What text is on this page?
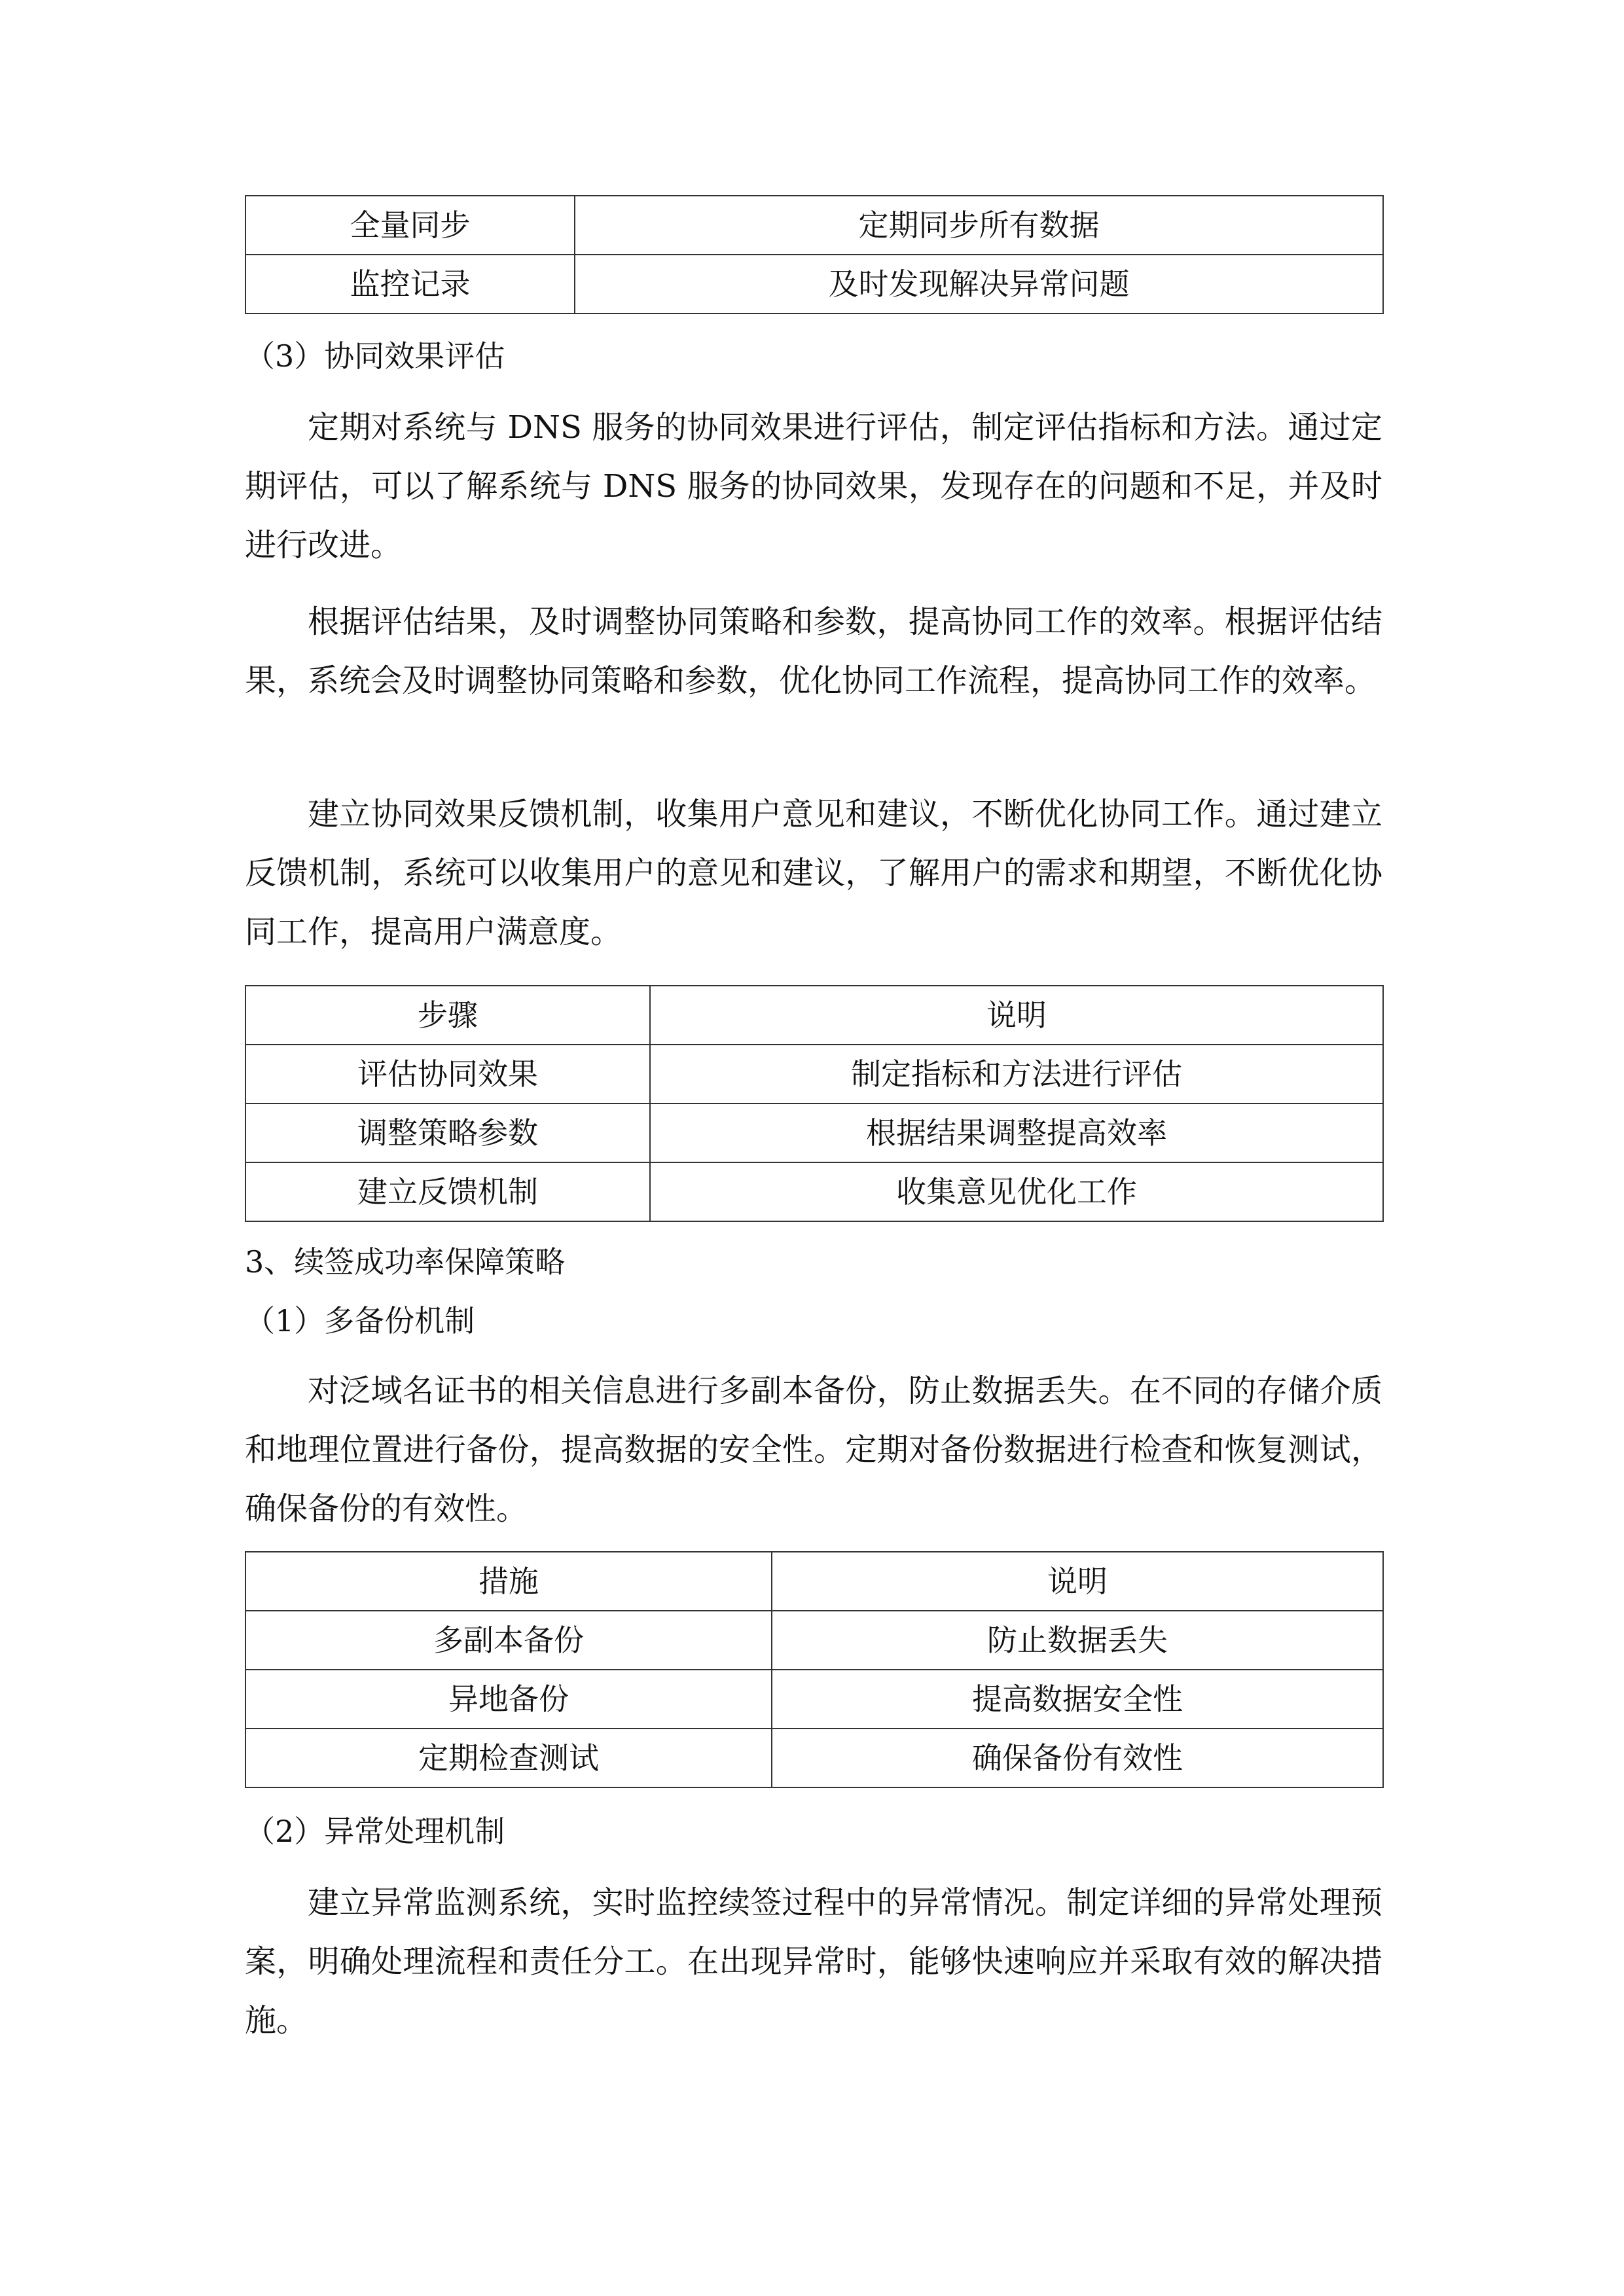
全量同步	定期同步所有数据
监控记录	及时发现解决异常问题
（3）协同效果评估

定期对系统与 DNS 服务的协同效果进行评估，制定评估指标和方法。通过定期评估，可以了解系统与 DNS 服务的协同效果，发现存在的问题和不足，并及时进行改进。

根据评估结果，及时调整协同策略和参数，提高协同工作的效率。根据评估结果，系统会及时调整协同策略和参数，优化协同工作流程，提高协同工作的效率。

建立协同效果反馈机制，收集用户意见和建议，不断优化协同工作。通过建立反馈机制，系统可以收集用户的意见和建议，了解用户的需求和期望，不断优化协同工作，提高用户满意度。

步骤	说明
评估协同效果	制定指标和方法进行评估
调整策略参数	根据结果调整提高效率
建立反馈机制	收集意见优化工作
3、续签成功率保障策略
（1）多备份机制

对泛域名证书的相关信息进行多副本备份，防止数据丢失。在不同的存储介质和地理位置进行备份，提高数据的安全性。定期对备份数据进行检查和恢复测试，确保备份的有效性。

措施	说明
多副本备份	防止数据丢失
异地备份	提高数据安全性
定期检查测试	确保备份有效性
（2）异常处理机制

建立异常监测系统，实时监控续签过程中的异常情况。制定详细的异常处理预案，明确处理流程和责任分工。在出现异常时，能够快速响应并采取有效的解决措施。
